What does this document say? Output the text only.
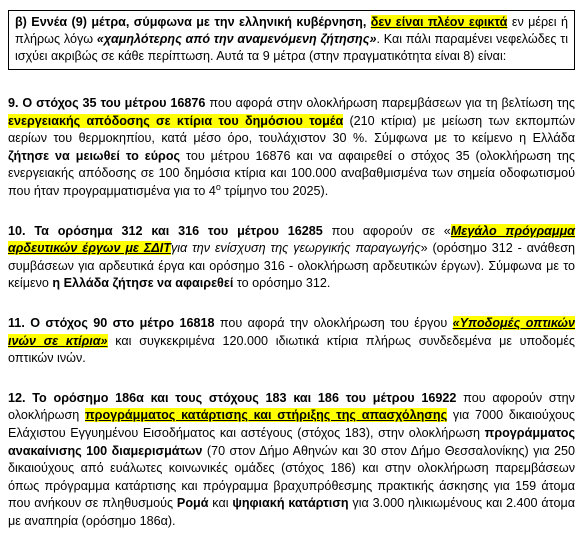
β) Εννέα (9) μέτρα, σύμφωνα με την ελληνική κυβέρνηση, δεν είναι πλέον εφικτά εν μέρει ή πλήρως λόγω «χαμηλότερης από την αναμενόμενη ζήτησης». Και πάλι παραμένει νεφελώδες τι ισχύει ακριβώς σε κάθε περίπτωση. Αυτά τα 9 μέτρα (στην πραγματικότητα είναι 8) είναι:

9. Ο στόχος 35 του μέτρου 16876 που αφορά στην ολοκλήρωση παρεμβάσεων για τη βελτίωση της ενεργειακής απόδοσης σε κτίρια του δημόσιου τομέα (210 κτίρια) με μείωση των εκπομπών αερίων του θερμοκηπίου, κατά μέσο όρο, τουλάχιστον 30 %. Σύμφωνα με το κείμενο η Ελλάδα ζήτησε να μειωθεί το εύρος του μέτρου 16876 και να αφαιρεθεί ο στόχος 35 (ολοκλήρωση της ενεργειακής απόδοσης σε 100 δημόσια κτίρια και 100.000 αναβαθμισμένα των σημεία οδοφωτισμού που ήταν προγραμματισμένα για το $4^o$ τρίμηνο του 2025).

10. Τα ορόσημα 312 και 316 του μέτρου 16285 που αφορούν σε «Μεγάλο πρόγραμμα αρδευτικών έργων με ΣΔΙΤγια την ενίσχυση της γεωργικής παραγωγής» (ορόσημο 312 - ανάθεση συμβάσεων για αρδευτικά έργα και ορόσημο 316 - ολοκλήρωση αρδευτικών έργων). Σύμφωνα με το κείμενο η Ελλάδα ζήτησε να αφαιρεθεί το ορόσημο 312.

11. Ο στόχος 90 στο μέτρο 16818 που αφορά την ολοκλήρωση του έργου «Υποδομές οπτικών ινών σε κτίρια» και συγκεκριμένα 120.000 ιδιωτικά κτίρια πλήρως συνδεδεμένα με υποδομές οπτικών ινών.

12. Το ορόσημο 186α και τους στόχους 183 και 186 του μέτρου 16922 που αφορούν στην ολοκλήρωση προγράμματος κατάρτισης και στήριξης της απασχόλησης για 7000 δικαιούχους Ελάχιστου Εγγυημένου Εισοδήματος και αστέγους (στόχος 183), στην ολοκλήρωση προγράμματος ανακαίνισης 100 διαμερισμάτων (70 στον Δήμο Αθηνών και 30 στον Δήμο Θεσσαλονίκης) για 250 δικαιούχους από ευάλωτες κοινωνικές ομάδες (στόχος 186) και στην ολοκλήρωση παρεμβάσεων όπως πρόγραμμα κατάρτισης και πρόγραμμα βραχυπρόθεσμης πρακτικής άσκησης για 159 άτομα που ανήκουν σε πληθυσμούς Ρομά και ψηφιακή κατάρτιση για 3.000 ηλικιωμένους και 2.400 άτομα με αναπηρία (ορόσημο 186α).
